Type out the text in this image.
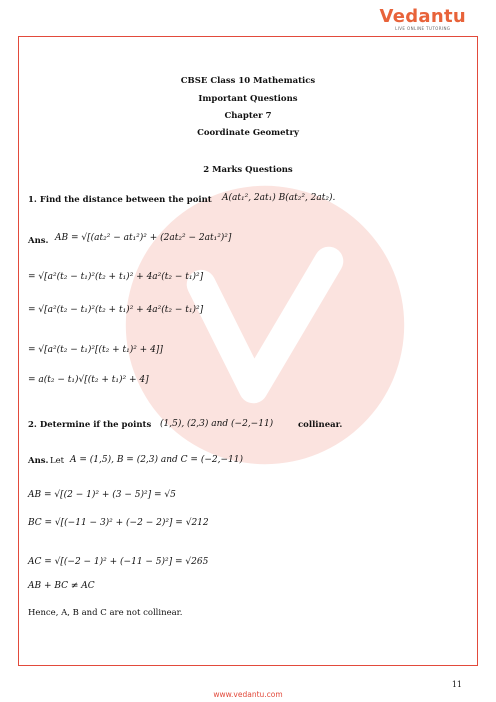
Vedantu
LIVE ONLINE TUTORING
CBSE Class 10 Mathematics
Important Questions
Chapter 7
Coordinate Geometry
2 Marks Questions
1. Find the distance between the point A(at₁², 2at₁) B(at₂², 2at₂).
Ans. AB = √[(at₂² − at₁²)² + (2at₂² − 2at₁²)²]
= √[a²(t₂ − t₁)²(t₂ + t₁)² + 4a²(t₂ − t₁)²]
= √[a²(t₂ − t₁)²(t₂ + t₁)² + 4a²(t₂ − t₁)²]
= √[a²(t₂ − t₁)²[(t₂ + t₁)² + 4]]
= a(t₂ − t₁)√[(t₂ + t₁)² + 4]
2. Determine if the points (1,5), (2,3) and (−2,−11)	collinear.
Ans. Let A = (1,5), B = (2,3) and C = (−2,−11)
AB = √[(2 − 1)² + (3 − 5)²] = √5
BC = √[(−11 − 3)² + (−2 − 2)²] = √212
AC = √[(−2 − 1)² + (−11 − 5)²] = √265
AB + BC ≠ AC
Hence, A, B and C are not collinear.
11
www.vedantu.com
